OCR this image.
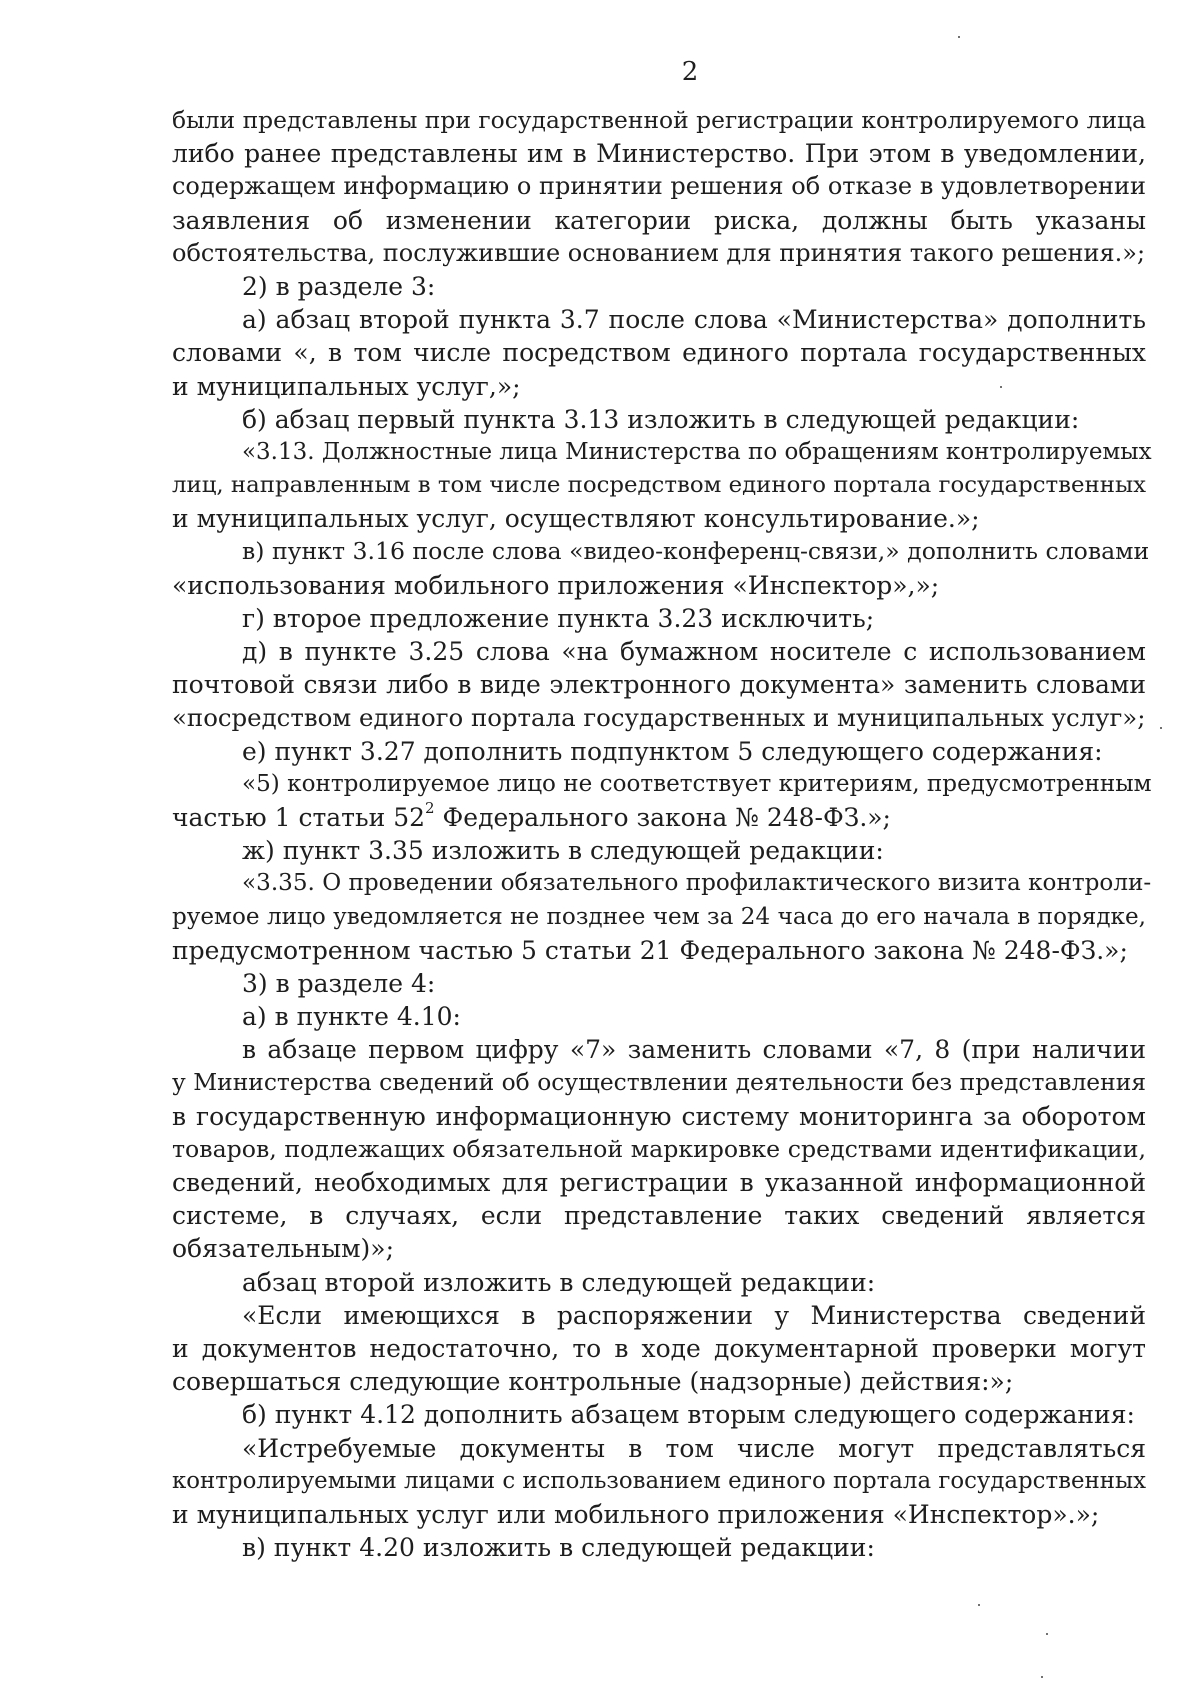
2
были представлены при государственной регистрации контролируемого лица
либо ранее представлены им в Министерство. При этом в уведомлении,
содержащем информацию о принятии решения об отказе в удовлетворении
заявления об изменении категории риска, должны быть указаны
обстоятельства, послужившие основанием для принятия такого решения.»;
2) в разделе 3:
а) абзац второй пункта 3.7 после слова «Министерства» дополнить
словами «, в том числе посредством единого портала государственных
и муниципальных услуг,»;
б) абзац первый пункта 3.13 изложить в следующей редакции:
«3.13. Должностные лица Министерства по обращениям контролируемых
лиц, направленным в том числе посредством единого портала государственных
и муниципальных услуг, осуществляют консультирование.»;
в) пункт 3.16 после слова «видео-конференц-связи,» дополнить словами
«использования мобильного приложения «Инспектор»,»;
г) второе предложение пункта 3.23 исключить;
д) в пункте 3.25 слова «на бумажном носителе с использованием
почтовой связи либо в виде электронного документа» заменить словами
«посредством единого портала государственных и муниципальных услуг»;
е) пункт 3.27 дополнить подпунктом 5 следующего содержания:
«5) контролируемое лицо не соответствует критериям, предусмотренным
частью 1 статьи $52^2$ Федерального закона № 248-ФЗ.»;
ж) пункт 3.35 изложить в следующей редакции:
«3.35. О проведении обязательного профилактического визита контроли-
руемое лицо уведомляется не позднее чем за 24 часа до его начала в порядке,
предусмотренном частью 5 статьи 21 Федерального закона № 248-ФЗ.»;
3) в разделе 4:
а) в пункте 4.10:
в абзаце первом цифру «7» заменить словами «7, 8 (при наличии
у Министерства сведений об осуществлении деятельности без представления
в государственную информационную систему мониторинга за оборотом
товаров, подлежащих обязательной маркировке средствами идентификации,
сведений, необходимых для регистрации в указанной информационной
системе, в случаях, если представление таких сведений является
обязательным)»;
абзац второй изложить в следующей редакции:
«Если имеющихся в распоряжении у Министерства сведений
и документов недостаточно, то в ходе документарной проверки могут
совершаться следующие контрольные (надзорные) действия:»;
б) пункт 4.12 дополнить абзацем вторым следующего содержания:
«Истребуемые документы в том числе могут представляться
контролируемыми лицами с использованием единого портала государственных
и муниципальных услуг или мобильного приложения «Инспектор».»;
в) пункт 4.20 изложить в следующей редакции:
